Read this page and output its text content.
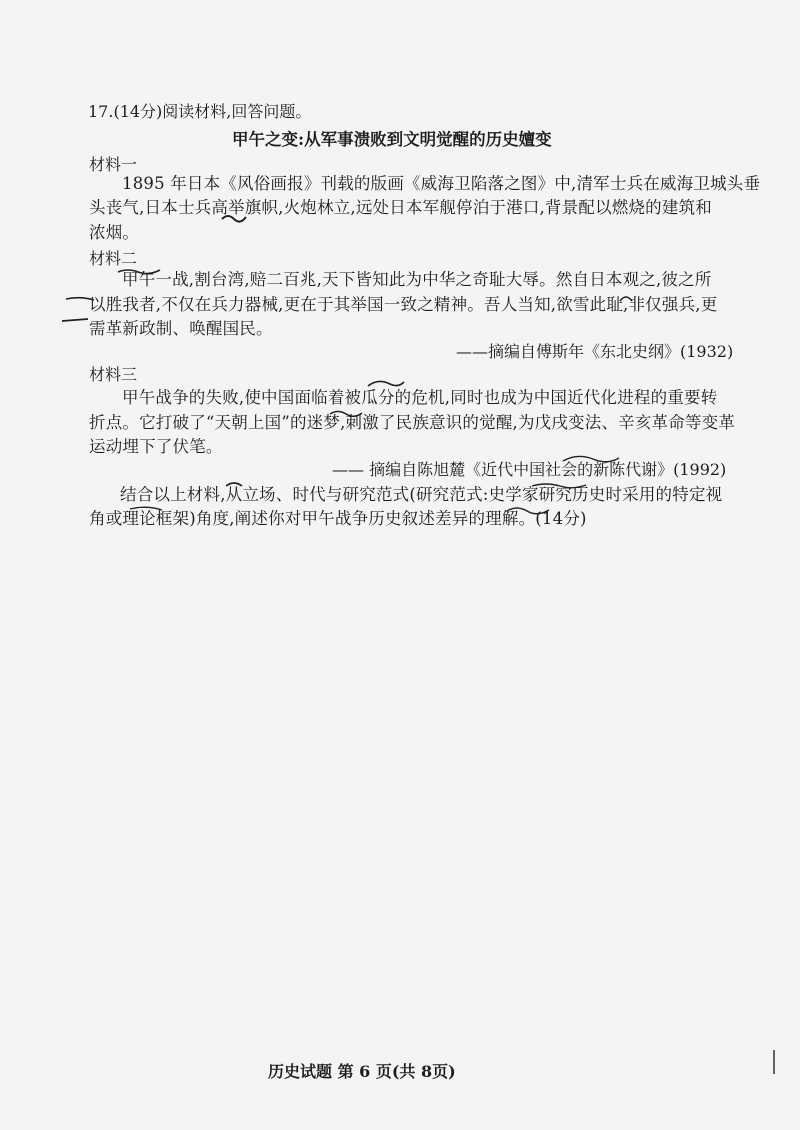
17.(14分)阅读材料,回答问题。
甲午之变:从军事溃败到文明觉醒的历史嬗变
材料一
1895 年日本《风俗画报》刊载的版画《威海卫陷落之图》中,清军士兵在威海卫城头垂
头丧气,日本士兵高举旗帜,火炮林立,远处日本军舰停泊于港口,背景配以燃烧的建筑和
浓烟。
材料二
甲午一战,割台湾,赔二百兆,天下皆知此为中华之奇耻大辱。然自日本观之,彼之所
以胜我者,不仅在兵力器械,更在于其举国一致之精神。吾人当知,欲雪此耻,非仅强兵,更
需革新政制、唤醒国民。
——摘编自傅斯年《东北史纲》(1932)
材料三
甲午战争的失败,使中国面临着被瓜分的危机,同时也成为中国近代化进程的重要转
折点。它打破了“天朝上国”的迷梦,刺激了民族意识的觉醒,为戊戌变法、辛亥革命等变革
运动埋下了伏笔。
—— 摘编自陈旭麓《近代中国社会的新陈代谢》(1992)
结合以上材料,从立场、时代与研究范式(研究范式:史学家研究历史时采用的特定视
角或理论框架)角度,阐述你对甲午战争历史叙述差异的理解。(14分)
历史试题 第 6 页(共 8页)
